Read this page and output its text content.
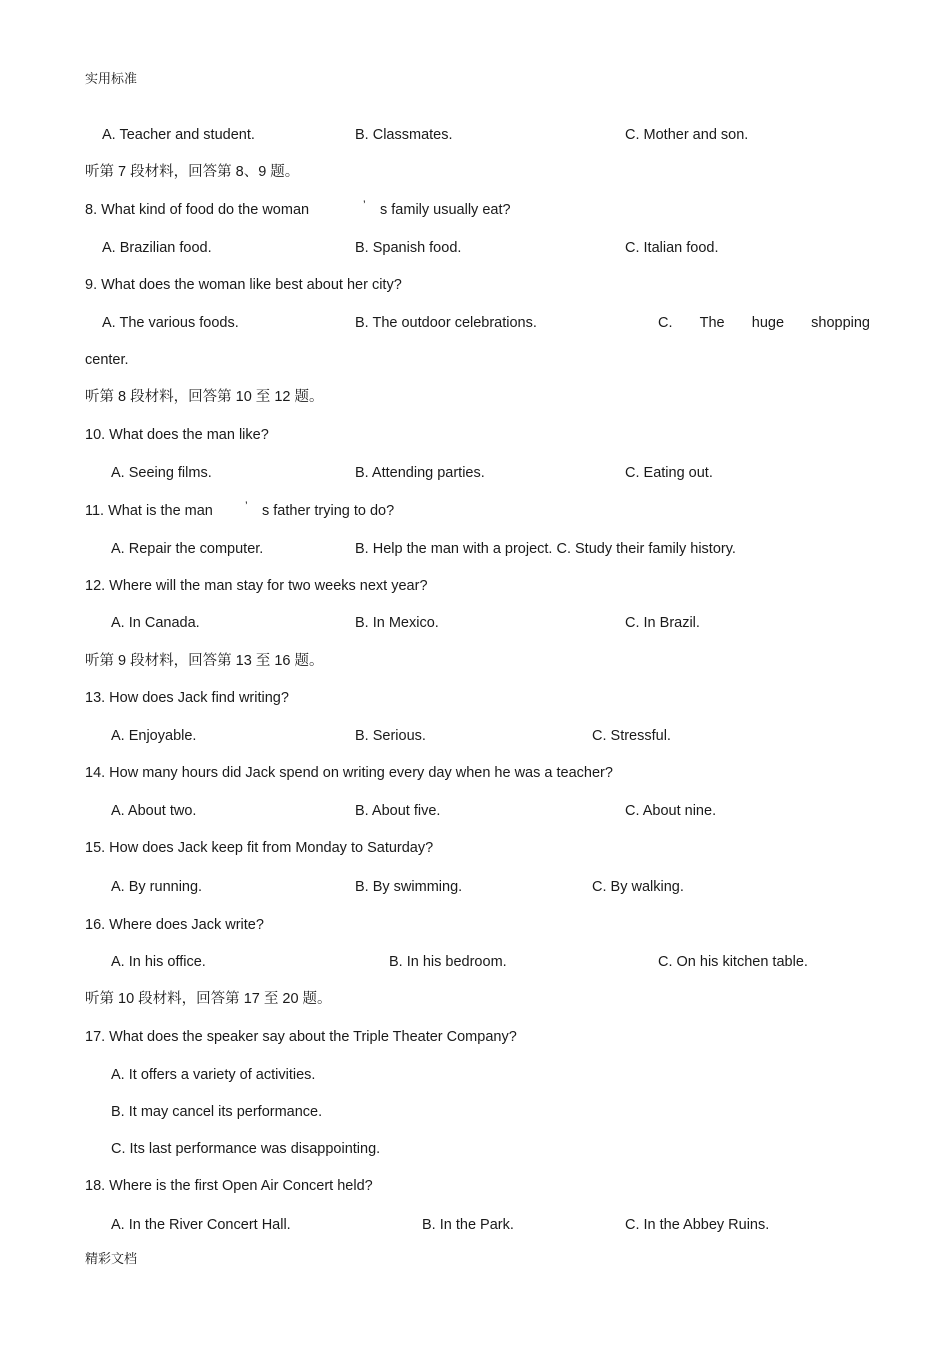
实用标准
A. Teacher and student.	B. Classmates.	C. Mother and son.
听第 7 段材料，回答第 8、9 题。
8. What kind of food do the woman	’ s family usually eat?
A. Brazilian food.	B. Spanish food.	C. Italian food.
9. What does the woman like best about her city?
A. The various foods.	B. The outdoor celebrations.	C. The huge shopping
center.
听第 8 段材料，回答第 10 至 12 题。
10. What does the man like?
A. Seeing films.	B. Attending parties.	C. Eating out.
11. What is the man	’ s father trying to do?
A. Repair the computer.	B. Help the man with a project. C. Study their family history.
12. Where will the man stay for two weeks next year?
A. In Canada.	B. In Mexico.	C. In Brazil.
听第 9 段材料，回答第 13 至 16 题。
13. How does Jack find writing?
A. Enjoyable.	B. Serious.	C. Stressful.
14. How many hours did Jack spend on writing every day when he was a teacher?
A. About two.	B. About five.	C. About nine.
15. How does Jack keep fit from Monday to Saturday?
A. By running.	B. By swimming.	C. By walking.
16. Where does Jack write?
A. In his office.	B. In his bedroom.	C. On his kitchen table.
听第 10 段材料，回答第 17 至 20 题。
17. What does the speaker say about the Triple Theater Company?
A. It offers a variety of activities.
B. It may cancel its performance.
C. Its last performance was disappointing.
18. Where is the first Open Air Concert held?
A. In the River Concert Hall.	B. In the Park.	C. In the Abbey Ruins.
精彩文档
